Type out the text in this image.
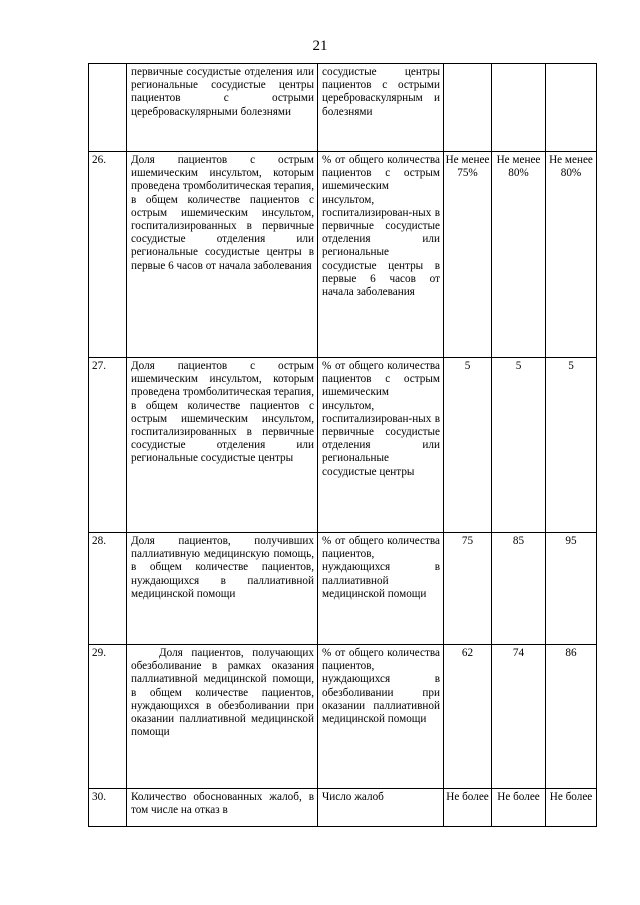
21
	первичные сосудистые отделения или региональные сосудистые центры пациентов с острыми цереброваскулярными болезнями	сосудистые центры пациентов с острыми цереброваскулярным и болезнями			
26.	Доля пациентов с острым ишемическим инсультом, которым проведена тромболитическая терапия, в общем количестве пациентов с острым ишемическим инсультом, госпитализированных в первичные сосудистые отделения или региональные сосудистые центры в первые 6 часов от начала заболевания	% от общего количества пациентов с острым ишемическим инсультом, госпитализирован-ных в первичные сосудистые отделения или региональные сосудистые центры в первые 6 часов от начала заболевания	Не менее 75%	Не менее 80%	Не менее 80%
27.	Доля пациентов с острым ишемическим инсультом, которым проведена тромболитическая терапия, в общем количестве пациентов с острым ишемическим инсультом, госпитализированных в первичные сосудистые отделения или региональные сосудистые центры	% от общего количества пациентов с острым ишемическим инсультом, госпитализирован-ных в первичные сосудистые отделения или региональные сосудистые центры	5	5	5
28.	Доля пациентов, получивших паллиативную медицинскую помощь, в общем количестве пациентов, нуждающихся в паллиативной медицинской помощи	% от общего количества пациентов, нуждающихся в паллиативной медицинской помощи	75	85	95
29.	Доля пациентов, получающих обезболивание в рамках оказания паллиативной медицинской помощи, в общем количестве пациентов, нуждающихся в обезболивании при оказании паллиативной медицинской помощи	% от общего количества пациентов, нуждающихся в обезболивании при оказании паллиативной медицинской помощи	62	74	86
30.	Количество обоснованных жалоб, в том числе на отказ в	Число жалоб	Не более	Не более	Не более
